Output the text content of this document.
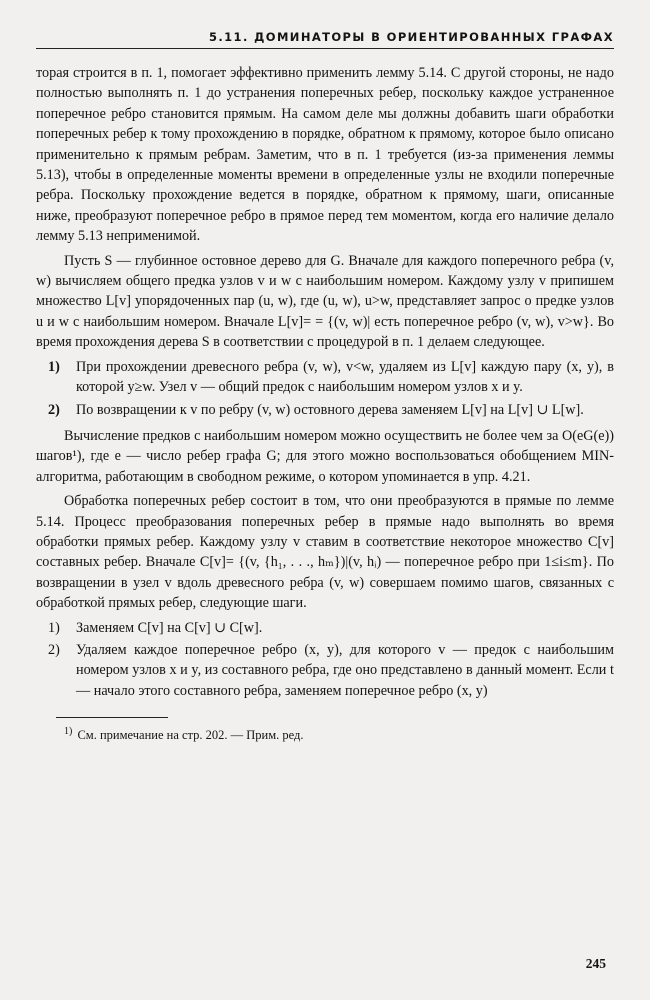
5.11. ДОМИНАТОРЫ В ОРИЕНТИРОВАННЫХ ГРАФАХ

торая строится в п. 1, помогает эффективно применить лемму 5.14. С другой стороны, не надо полностью выполнять п. 1 до устранения поперечных ребер, поскольку каждое устраненное поперечное ребро становится прямым. На самом деле мы должны добавить шаги обработки поперечных ребер к тому прохождению в порядке, обратном к прямому, которое было описано применительно к прямым ребрам. Заметим, что в п. 1 требуется (из-за применения леммы 5.13), чтобы в определенные моменты времени в определенные узлы не входили поперечные ребра. Поскольку прохождение ведется в порядке, обратном к прямому, шаги, описанные ниже, преобразуют поперечное ребро в прямое перед тем моментом, когда его наличие делало лемму 5.13 неприменимой.

Пусть S — глубинное остовное дерево для G. Вначале для каждого поперечного ребра (v, w) вычисляем общего предка узлов v и w с наибольшим номером. Каждому узлу v припишем множество L[v] упорядоченных пар (u, w), где (u, w), u>w, представляет запрос о предке узлов u и w с наибольшим номером. Вначале L[v]= = {(v, w)| есть поперечное ребро (v, w), v>w}. Во время прохождения дерева S в соответствии с процедурой в п. 1 делаем следующее.

1)	При прохождении древесного ребра (v, w), v<w, удаляем из L[v] каждую пару (x, y), в которой y≥w. Узел v — общий предок с наибольшим номером узлов x и y.
2)	По возвращении к v по ребру (v, w) остовного дерева заменяем L[v] на L[v] ∪ L[w].

Вычисление предков с наибольшим номером можно осуществить не более чем за O(eG(e)) шагов¹), где e — число ребер графа G; для этого можно воспользоваться обобщением MIN-алгоритма, работающим в свободном режиме, о котором упоминается в упр. 4.21.

Обработка поперечных ребер состоит в том, что они преобразуются в прямые по лемме 5.14. Процесс преобразования поперечных ребер в прямые надо выполнять во время обработки прямых ребер. Каждому узлу v ставим в соответствие некоторое множество C[v] составных ребер. Вначале C[v]= {(v, {h₁, . . ., hₘ})|(v, hᵢ) — поперечное ребро при 1≤i≤m}. По возвращении в узел v вдоль древесного ребра (v, w) совершаем помимо шагов, связанных с обработкой прямых ребер, следующие шаги.

1)	Заменяем C[v] на C[v] ∪ C[w].
2)	Удаляем каждое поперечное ребро (x, y), для которого v — предок с наибольшим номером узлов x и y, из составного ребра, где оно представлено в данный момент. Если t — начало этого составного ребра, заменяем поперечное ребро (x, y)
$^{1)}$ См. примечание на стр. 202. — Прим. ред.
245
